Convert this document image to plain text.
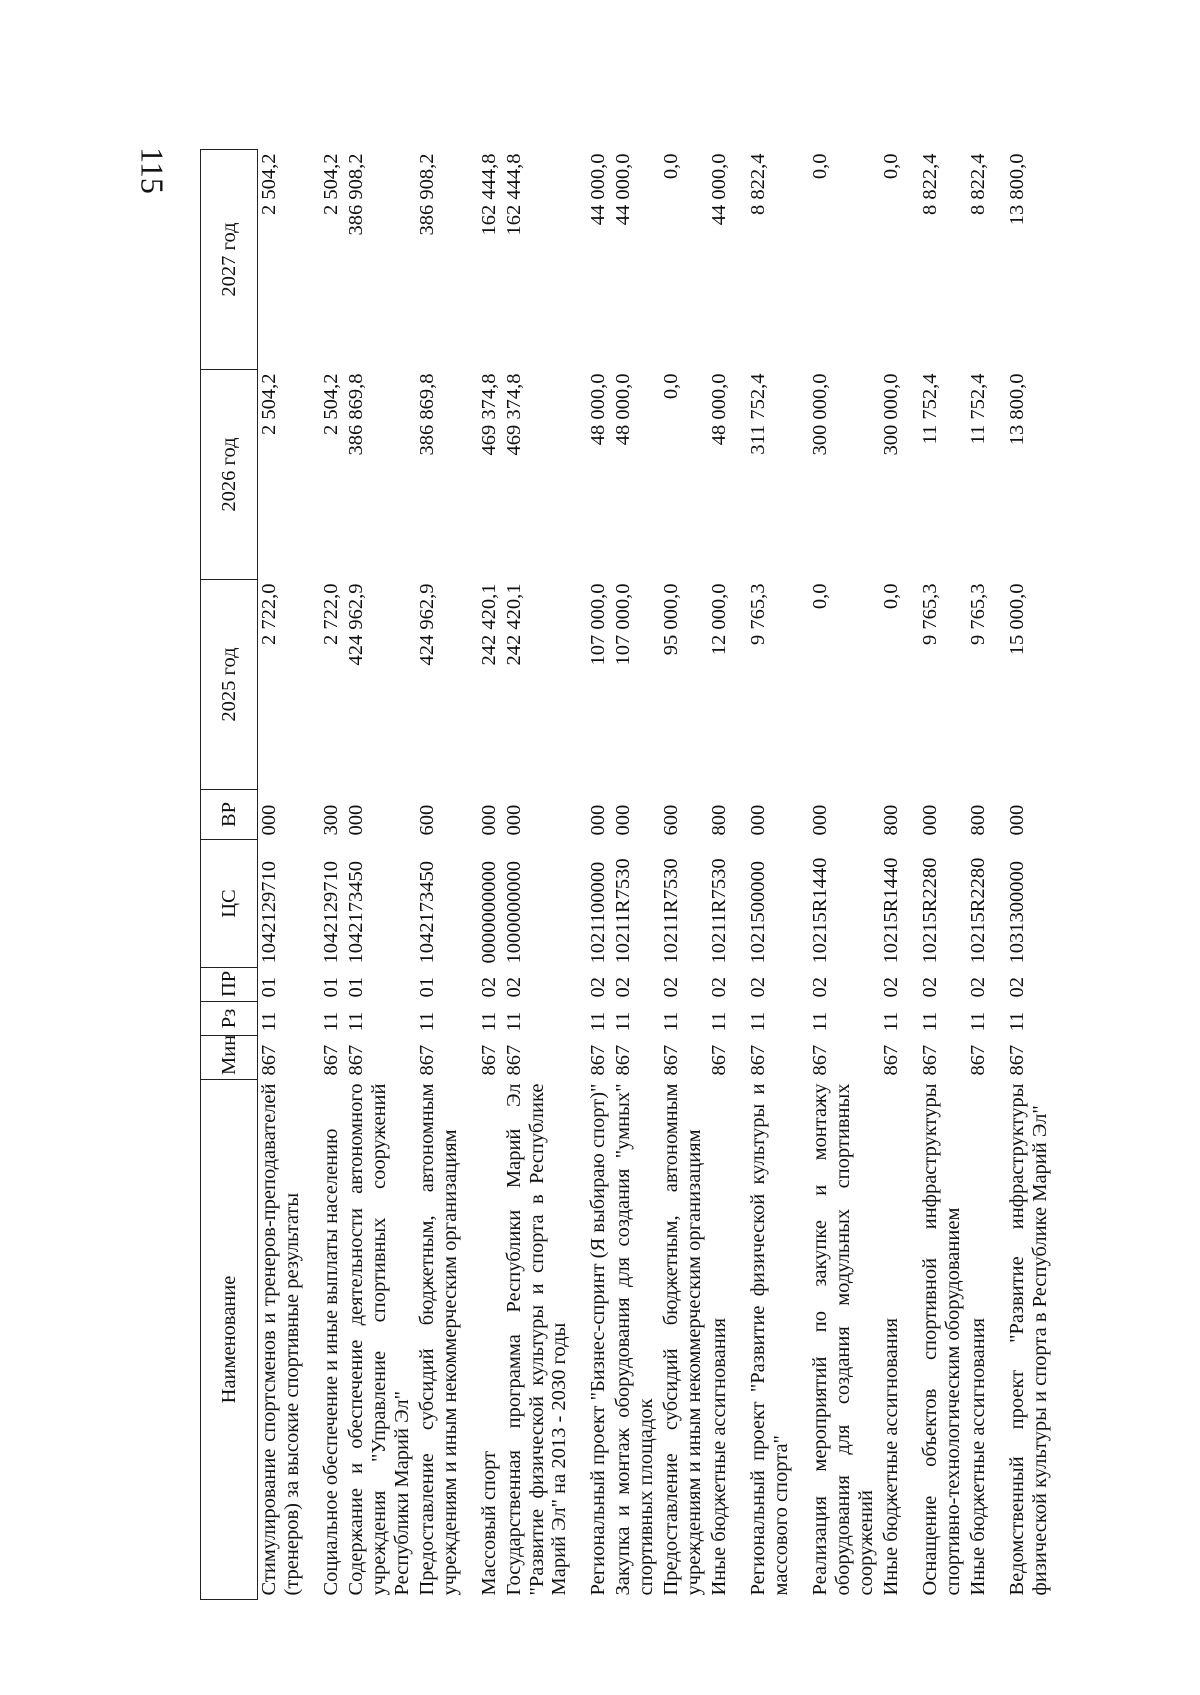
115
Наименование	Мин	Рз	ПР	ЦС	ВР	2025 год	2026 год	2027 год
Стимулирование спортсменов и тренеров-преподавателей (тренеров) за высокие спортивные результаты	867	11	01	1042129710	000	2 722,0	2 504,2	2 504,2
Социальное обеспечение и иные выплаты населению	867	11	01	1042129710	300	2 722,0	2 504,2	2 504,2
Содержание и обеспечение деятельности автономного учреждения "Управление спортивных сооружений Республики Марий Эл"	867	11	01	1042173450	000	424 962,9	386 869,8	386 908,2
Предоставление субсидий бюджетным, автономным учреждениям и иным некоммерческим организациям	867	11	01	1042173450	600	424 962,9	386 869,8	386 908,2
Массовый спорт	867	11	02	0000000000	000	242 420,1	469 374,8	162 444,8
Государственная программа Республики Марий Эл "Развитие физической культуры и спорта в Республике Марий Эл" на 2013 - 2030 годы	867	11	02	1000000000	000	242 420,1	469 374,8	162 444,8
Региональный проект "Бизнес-спринт (Я выбираю спорт)"	867	11	02	1021100000	000	107 000,0	48 000,0	44 000,0
Закупка и монтаж оборудования для создания "умных" спортивных площадок	867	11	02	10211R7530	000	107 000,0	48 000,0	44 000,0
Предоставление субсидий бюджетным, автономным учреждениям и иным некоммерческим организациям	867	11	02	10211R7530	600	95 000,0	0,0	0,0
Иные бюджетные ассигнования	867	11	02	10211R7530	800	12 000,0	48 000,0	44 000,0
Региональный проект "Развитие физической культуры и массового спорта"	867	11	02	1021500000	000	9 765,3	311 752,4	8 822,4
Реализация мероприятий по закупке и монтажу оборудования для создания модульных спортивных сооружений	867	11	02	10215R1440	000	0,0	300 000,0	0,0
Иные бюджетные ассигнования	867	11	02	10215R1440	800	0,0	300 000,0	0,0
Оснащение объектов спортивной инфраструктуры спортивно-технологическим оборудованием	867	11	02	10215R2280	000	9 765,3	11 752,4	8 822,4
Иные бюджетные ассигнования	867	11	02	10215R2280	800	9 765,3	11 752,4	8 822,4
Ведомственный проект "Развитие инфраструктуры физической культуры и спорта в Республике Марий Эл"	867	11	02	1031300000	000	15 000,0	13 800,0	13 800,0
